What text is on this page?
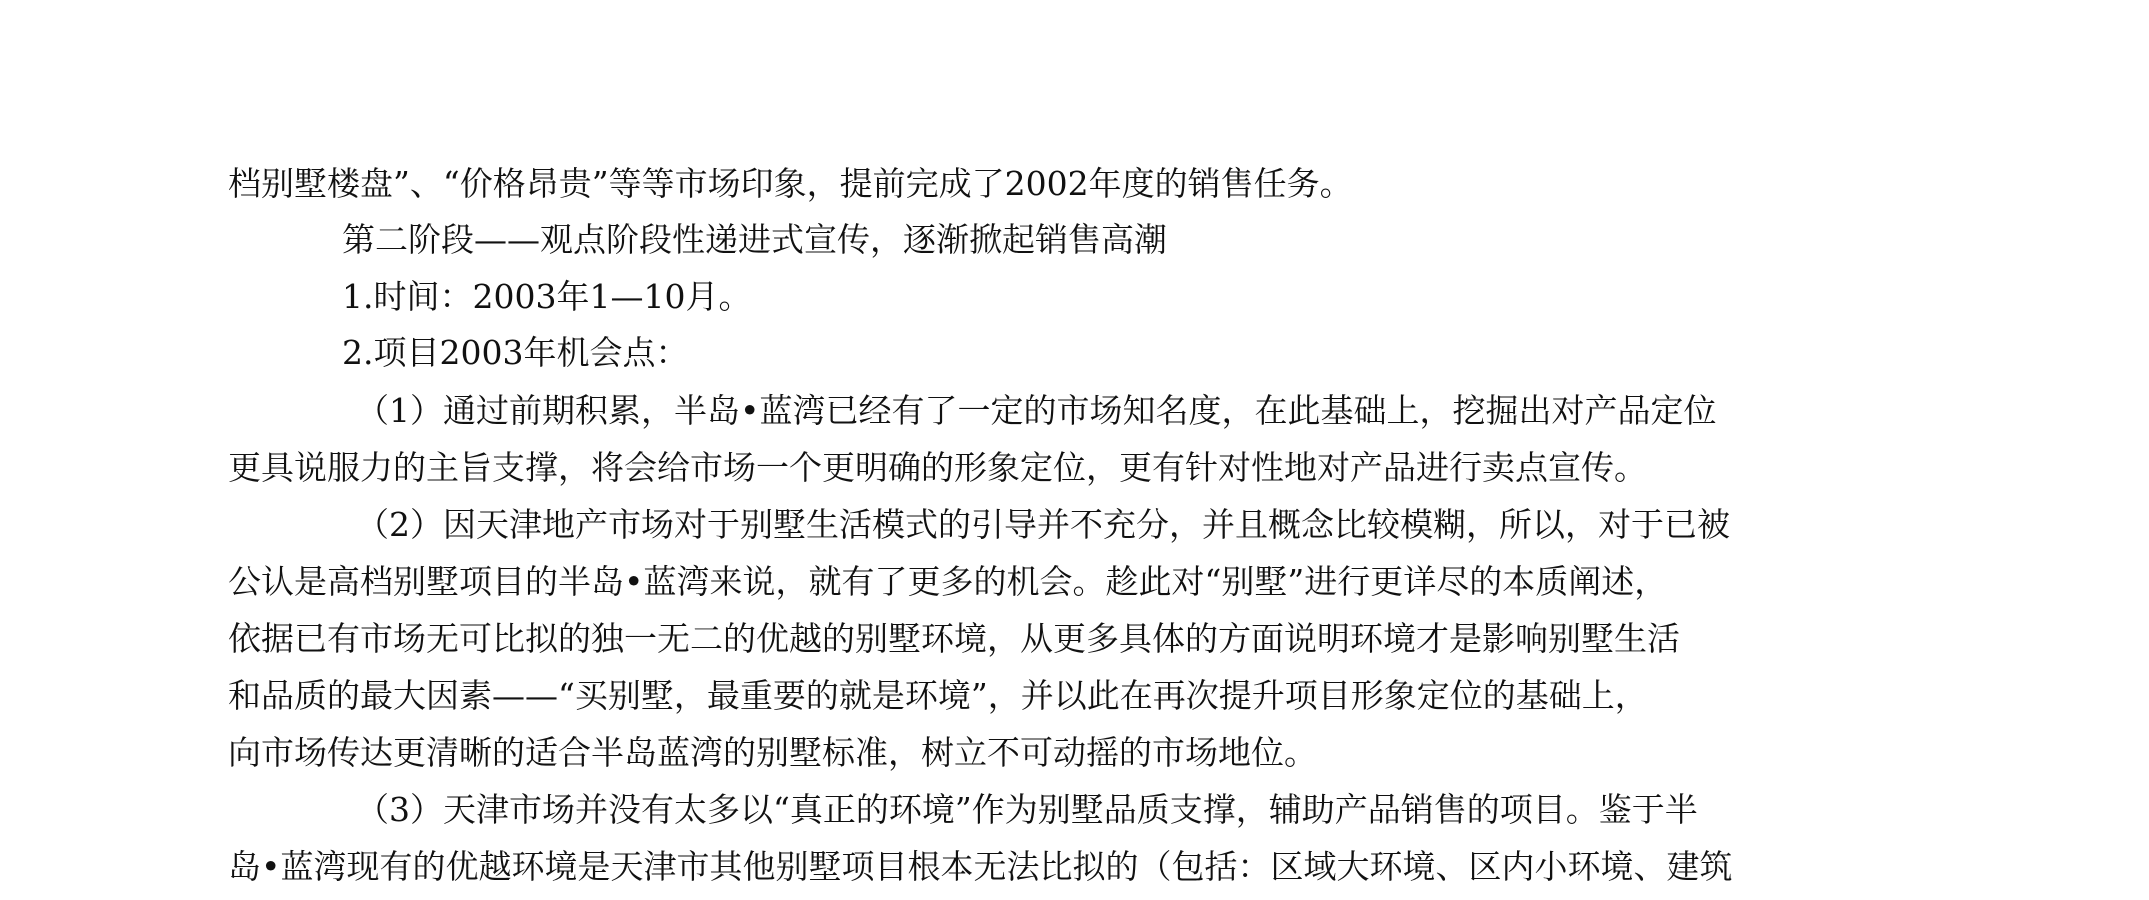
档别墅楼盘”、“价格昂贵”等等市场印象，提前完成了2002年度的销售任务。
第二阶段——观点阶段性递进式宣传，逐渐掀起销售高潮
1.时间：2003年1—10月。
2.项目2003年机会点：
（1）通过前期积累，半岛•蓝湾已经有了一定的市场知名度，在此基础上，挖掘出对产品定位
更具说服力的主旨支撑，将会给市场一个更明确的形象定位，更有针对性地对产品进行卖点宣传。
（2）因天津地产市场对于别墅生活模式的引导并不充分，并且概念比较模糊，所以，对于已被
公认是高档别墅项目的半岛•蓝湾来说，就有了更多的机会。趁此对“别墅”进行更详尽的本质阐述，
依据已有市场无可比拟的独一无二的优越的别墅环境，从更多具体的方面说明环境才是影响别墅生活
和品质的最大因素——“买别墅，最重要的就是环境”，并以此在再次提升项目形象定位的基础上，
向市场传达更清晰的适合半岛蓝湾的别墅标准，树立不可动摇的市场地位。
（3）天津市场并没有太多以“真正的环境”作为别墅品质支撑，辅助产品销售的项目。鉴于半
岛•蓝湾现有的优越环境是天津市其他别墅项目根本无法比拟的（包括：区域大环境、区内小环境、建筑
